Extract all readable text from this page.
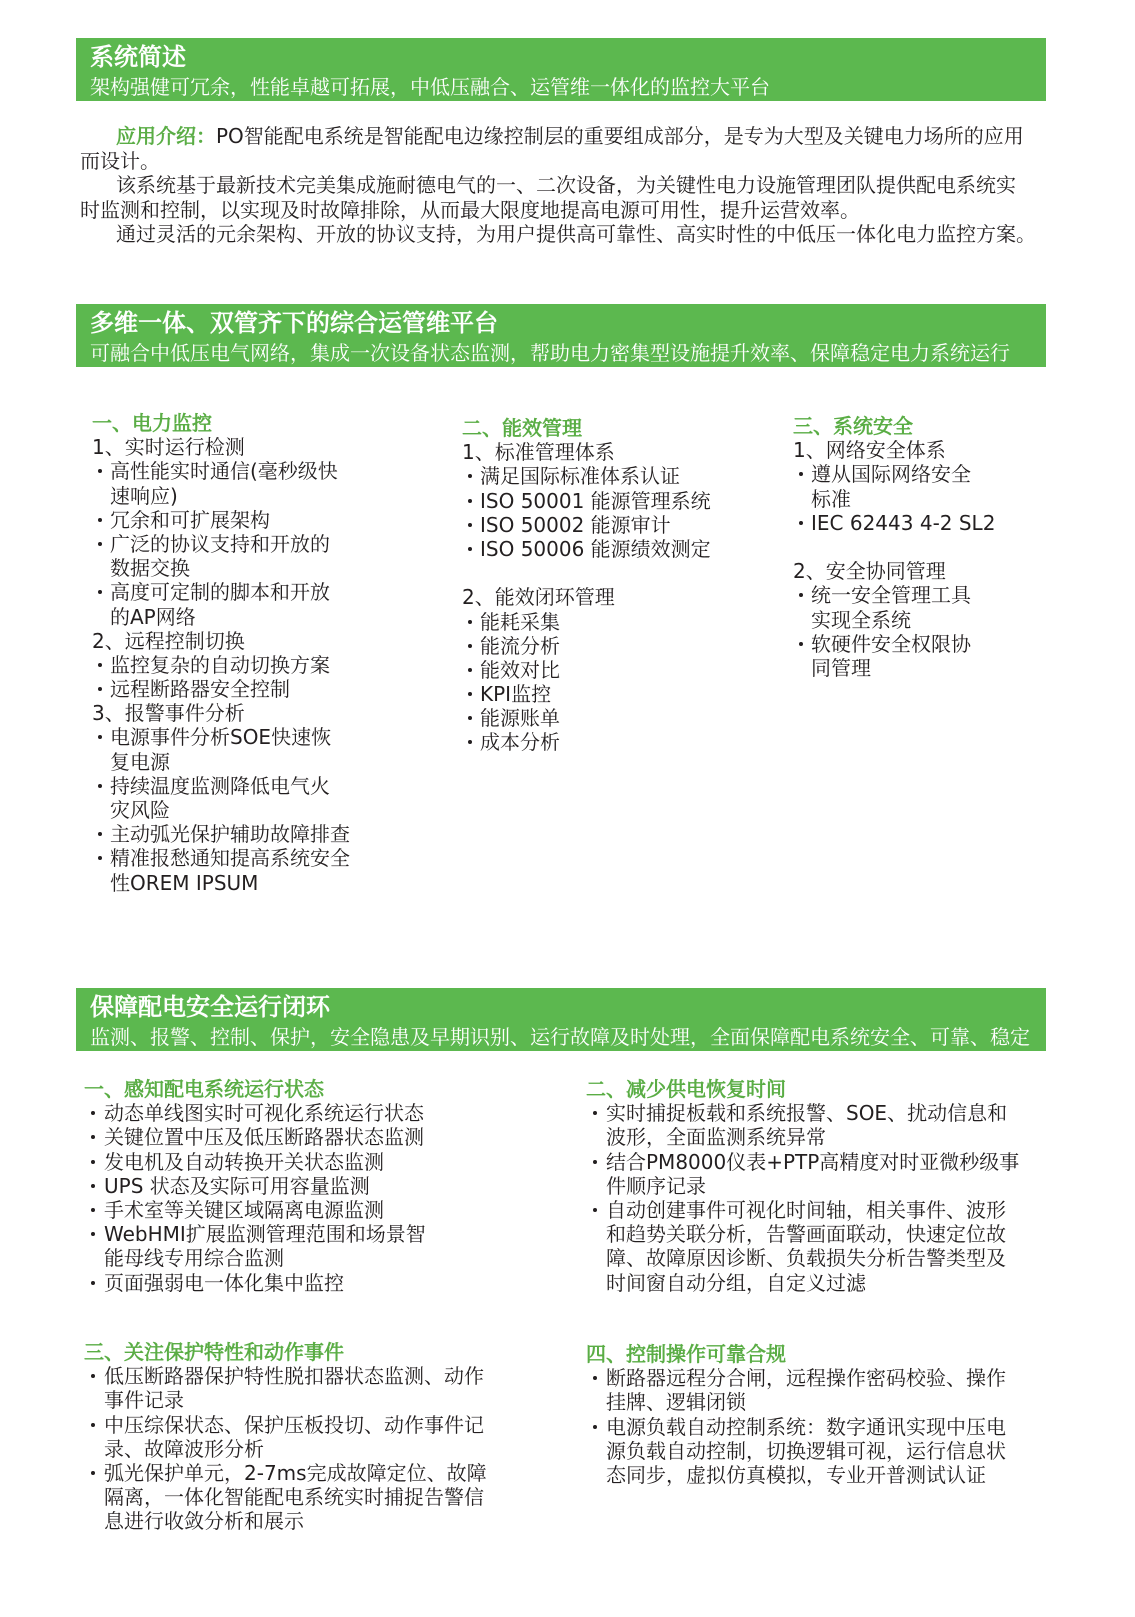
系统简述
架构强健可冗余，性能卓越可拓展，中低压融合、运管维一体化的监控大平台
应用介绍：PO智能配电系统是智能配电边缘控制层的重要组成部分，是专为大型及关键电力场所的应用
而设计。
该系统基于最新技术完美集成施耐德电气的一、二次设备，为关键性电力设施管理团队提供配电系统实
时监测和控制，以实现及时故障排除，从而最大限度地提高电源可用性，提升运营效率。
通过灵活的元余架构、开放的协议支持，为用户提供高可靠性、高实时性的中低压一体化电力监控方案。
多维一体、双管齐下的综合运管维平台
可融合中低压电气网络，集成一次设备状态监测，帮助电力密集型设施提升效率、保障稳定电力系统运行
一、电力监控
1、实时运行检测
高性能实时通信(毫秒级快
速响应)
冗余和可扩展架构
广泛的协议支持和开放的
数据交换
高度可定制的脚本和开放
的AP网络
2、远程控制切换
监控复杂的自动切换方案
远程断路器安全控制
3、报警事件分析
电源事件分析SOE快速恢
复电源
持续温度监测降低电气火
灾风险
主动弧光保护辅助故障排查
精准报愁通知提高系统安全
性OREM IPSUM
二、能效管理
1、标准管理体系
满足国际标准体系认证
ISO 50001 能源管理系统
ISO 50002 能源审计
ISO 50006 能源绩效测定
2、能效闭环管理
能耗采集
能流分析
能效对比
KPI监控
能源账单
成本分析
三、系统安全
1、网络安全体系
遵从国际网络安全
标准
IEC 62443 4-2 SL2
2、安全协同管理
统一安全管理工具
实现全系统
软硬件安全权限协
同管理
保障配电安全运行闭环
监测、报警、控制、保护，安全隐患及早期识别、运行故障及时处理，全面保障配电系统安全、可靠、稳定
一、感知配电系统运行状态
动态单线图实时可视化系统运行状态
关键位置中压及低压断路器状态监测
发电机及自动转换开关状态监测
UPS 状态及实际可用容量监测
手术室等关键区域隔离电源监测
WebHMI扩展监测管理范围和场景智
能母线专用综合监测
页面强弱电一体化集中监控
二、减少供电恢复时间
实时捕捉板载和系统报警、SOE、扰动信息和
波形，全面监测系统异常
结合PM8000仪表+PTP高精度对时亚微秒级事
件顺序记录
自动创建事件可视化时间轴，相关事件、波形
和趋势关联分析，告警画面联动，快速定位故
障、故障原因诊断、负载损失分析告警类型及
时间窗自动分组，自定义过滤
三、关注保护特性和动作事件
低压断路器保护特性脱扣器状态监测、动作
事件记录
中压综保状态、保护压板投切、动作事件记
录、故障波形分析
弧光保护单元，2-7ms完成故障定位、故障
隔离，一体化智能配电系统实时捕捉告警信
息进行收敛分析和展示
四、控制操作可靠合规
断路器远程分合闸，远程操作密码校验、操作
挂牌、逻辑闭锁
电源负载自动控制系统：数字通讯实现中压电
源负载自动控制，切换逻辑可视，运行信息状
态同步，虚拟仿真模拟，专业开普测试认证
